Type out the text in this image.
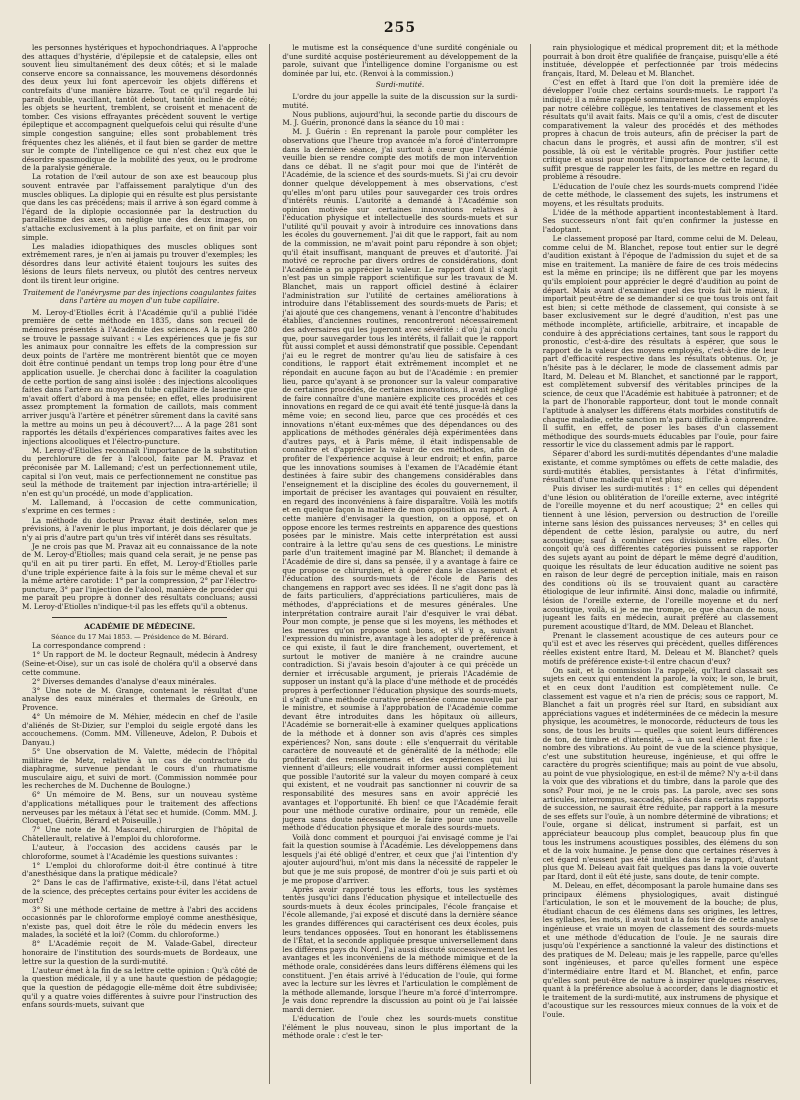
255

les personnes hystériques et hypochondriaques. A l'approche des attaques d'hystérie, d'épilepsie et de catalepsie, elles ont souvent lieu simultanément des deux côtés; et si le malade conserve encore sa connaissance, les mouvemens désordonnés des deux yeux lui font apercevoir les objets différens et contrefaits d'une manière bizarre. Tout ce qu'il regarde lui paraît double, vacillant, tantôt debout, tantôt incliné de côté; les objets se heurtent, tremblent, se croisent et menacent de tomber. Ces visions effrayantes précèdent souvent le vertige épileptique et accompagnent quelquefois celui qui résulte d'une simple congestion sanguine; elles sont probablement très fréquentes chez les aliénés, et il faut bien se garder de mettre sur le compte de l'intelligence ce qui n'est chez eux que le désordre spasmodique de la mobilité des yeux, ou le prodrome de la paralysie générale.

La rotation de l'œil autour de son axe est beaucoup plus souvent entravée par l'affaissement paralytique d'un des muscles obliques. La diplopie qui en résulte est plus persistante que dans les cas précédens; mais il arrive à son égard comme à l'égard de la diplopie occasionnée par la destruction du parallélisme des axes, on néglige une des deux images, on s'attache exclusivement à la plus parfaite, et on finit par voir simple.

Les maladies idiopathiques des muscles obliques sont extrêmement rares, je n'en ai jamais pu trouver d'exemples; les désordres dans leur activité étaient toujours les suites des lésions de leurs filets nerveux, ou plutôt des centres nerveux dont ils tirent leur origine.

Traitement de l'anévrysme par des injections coagulantes faites dans l'artère au moyen d'un tube capillaire.

M. Leroy-d'Etiolles écrit à l'Académie qu'il a publié l'idée première de cette méthode en 1835, dans son recueil de mémoires présentés à l'Académie des sciences. A la page 280 se trouve le passage suivant : « Les expériences que je fis sur les animaux pour connaître les effets de la compression sur deux points de l'artère me montrèrent bientôt que ce moyen doit être continué pendant un temps trop long pour être d'une application usuelle. Je cherchai donc à faciliter la coagulation de cette portion de sang ainsi isolée : des injections alcooliques faites dans l'artère au moyen du tube capillaire de laserine que m'avait offert d'abord à ma pensée; en effet, elles produisirent assez promptement la formation de caillots, mais comment arriver jusqu'à l'artère et pénétrer sûrement dans la cavité sans la mettre au moins un peu à découvert?.... A la page 281 sont rapportés les détails d'expériences comparatives faites avec les injections alcooliques et l'électro-puncture.

M. Leroy-d'Etiolles reconnaît l'importance de la substitution du perchlorure de fer à l'alcool, faite par M. Pravaz et préconisée par M. Lallemand; c'est un perfectionnement utile, capital si l'on veut, mais ce perfectionnement ne constitue pas seul la méthode de traitement par injection intra-artérielle; il n'en est qu'un procédé, un mode d'application.

M. Lallemand, à l'occasion de cette communication, s'exprime en ces termes :

La méthode du docteur Pravaz était destinée, selon mes prévisions, à l'avenir le plus important, je dois déclarer que je n'y ai pris d'autre part qu'un très vif intérêt dans ses résultats.

Je ne crois pas que M. Pravaz ait eu connaissance de la note de M. Leroy-d'Etiolles; mais quand cela serait, je ne pense pas qu'il en ait pu tirer parti. En effet, M. Leroy-d'Etiolles parle d'une triple expérience faite à la fois sur le même cheval et sur la même artère carotide: 1° par la compression, 2° par l'électro-puncture, 3° par l'injection de l'alcool, manière de procéder qui me paraît peu propre à donner des résultats concluans; aussi M. Leroy-d'Etiolles n'indique-t-il pas les effets qu'il a obtenus.

ACADÉMIE DE MÉDECINE.

Séance du 17 Mai 1853. — Présidence de M. Bérard.

La correspondance comprend :

1° Un rapport de M. le docteur Regnault, médecin à Andresy (Seine-et-Oise), sur un cas isolé de choléra qu'il a observé dans cette commune.

2° Diverses demandes d'analyse d'eaux minérales.

3° Une note de M. Grange, contenant le résultat d'une analyse des eaux minérales et thermales de Gréoulx, en Provence.

4° Un mémoire de M. Méhier, médecin en chef de l'asile d'aliénés de St-Dizier, sur l'emploi du seigle ergoté dans les accouchemens. (Comm. MM. Villeneuve, Adelon, P. Dubois et Danyau.)

5° Une observation de M. Valette, médecin de l'hôpital militaire de Metz, relative à un cas de contracture du diaphragme, survenue pendant le cours d'un rhumatisme musculaire aigu, et suivi de mort. (Commission nommée pour les recherches de M. Duchenne de Boulogne.)

6° Un mémoire de M. Bens, sur un nouveau système d'applications métalliques pour le traitement des affections nerveuses par les métaux à l'état sec et humide. (Comm. MM. J. Cloquet, Guérin, Bérard et Poiseuille.)

7° Une note de M. Mascarel, chirurgien de l'hôpital de Châtellerault, relative à l'emploi du chloroforme.

L'auteur, à l'occasion des accidens causés par le chloroforme, soumet à l'Académie les questions suivantes :

1° L'emploi du chloroforme doit-il être continué à titre d'anesthésique dans la pratique médicale?

2° Dans le cas de l'affirmative, existe-t-il, dans l'état actuel de la science, des préceptes certains pour éviter les accidens de mort?

3° Si une méthode certaine de mettre à l'abri des accidens occasionnés par le chloroforme employé comme anesthésique, n'existe pas, quel doit être le rôle du médecin envers les malades, la société et la loi? (Comm. du chloroforme.)

8° L'Académie reçoit de M. Valade-Gabel, directeur honoraire de l'institution des sourds-muets de Bordeaux, une lettre sur la question de la surdi-mutité.

L'auteur émet à la fin de sa lettre cette opinion : Qu'à côté de la question médicale, il y a une haute question de pédagogie; que la question de pédagogie elle-même doit être subdivisée; qu'il y a quatre voies différentes à suivre pour l'instruction des enfans sourds-muets, suivant que

le mutisme est la conséquence d'une surdité congéniale ou d'une surdité acquise postérieurement au développement de la parole, suivant que l'intelligence domine l'organisme ou est dominée par lui, etc. (Renvoi à la commission.)

Surdi-mutité.

L'ordre du jour appelle la suite de la discussion sur la surdi-mutité.

Nous publions, aujourd'hui, la seconde partie du discours de M. J. Guérin, prononcé dans la séance du 10 mai :

M. J. Guérin : En reprenant la parole pour compléter les observations que l'heure trop avancée m'a forcé d'interrompre dans la dernière séance, j'ai surtout à cœur que l'Académie veuille bien se rendre compte des motifs de mon intervention dans ce débat. Il ne s'agit pour moi que de l'intérêt de l'Académie, de la science et des sourds-muets. Si j'ai cru devoir donner quelque développement à mes observations, c'est qu'elles m'ont paru utiles pour sauvegarder ces trois ordres d'intérêts réunis. L'autorité a demandé à l'Académie son opinion motivée sur certaines innovations relatives à l'éducation physique et intellectuelle des sourds-muets et sur l'utilité qu'il pouvait y avoir à introduire ces innovations dans les écoles du gouvernement. J'ai dit que le rapport, fait au nom de la commission, ne m'avait point paru répondre à son objet; qu'il était insuffisant, manquant de preuves et d'autorité. J'ai motivé ce reproche par divers ordres de considérations, dont l'Académie a pu apprécier la valeur. Le rapport dont il s'agit n'est pas un simple rapport scientifique sur les travaux de M. Blanchet, mais un rapport officiel destiné à éclairer l'administration sur l'utilité de certaines améliorations à introduire dans l'établissement des sourds-muets de Paris; et j'ai ajouté que ces changemens, venant à l'encontre d'habitudes établies, d'anciennes routines, rencontreront nécessairement des adversaires qui les jugeront avec sévérité : d'où j'ai conclu que, pour sauvegarder tous les intérêts, il fallait que le rapport fût aussi complet et aussi démonstratif que possible. Cependant j'ai eu le regret de montrer qu'au lieu de satisfaire à ces conditions, le rapport était extrêmement incomplet et ne répondait en aucune façon au but de l'Académie : en premier lieu, parce qu'ayant à se prononcer sur la valeur comparative de certaines procédés, de certaines innovations, il avait négligé de faire connaître d'une manière explicite ces procédés et ces innovations en regard de ce qui avait été tenté jusque-là dans la même voie; en second lieu, parce que ces procédés et ces innovations n'étant eux-mêmes que des dépendances ou des applications de méthodes générales déjà expérimentées dans d'autres pays, et à Paris même, il était indispensable de connaître et d'apprécier la valeur de ces méthodes, afin de profiter de l'expérience acquise à leur endroit; et enfin, parce que les innovations soumises à l'examen de l'Académie étant destinées à faire subir des changemens considérables dans l'enseignement et la discipline des écoles du gouvernement, il importait de préciser les avantages qui pouvaient en résulter, en regard des inconvéniens à faire disparaître. Voilà les motifs et en quelque façon la matière de mon opposition au rapport. A cette manière d'envisager la question, on a opposé, et on oppose encore les termes restreints en apparence des questions posées par le ministre. Mais cette interprétation est aussi contraire à la lettre qu'au sens de ces questions. Le ministre parle d'un traitement imaginé par M. Blanchet; il demande à l'Académie de dire si, dans sa pensée, il y a avantage à faire ce que propose ce chirurgien, et à opérer dans le classement et l'éducation des sourds-muets de l'école de Paris des changemens en rapport avec ses idées. Il ne s'agit donc pas là de faits particuliers, d'appréciations particulières, mais de méthodes, d'appréciations et de mesures générales. Une interprétation contraire aurait l'air d'esquiver le vrai débat. Pour mon compte, je pense que si les moyens, les méthodes et les mesures qu'on propose sont bons, et s'il y a, suivant l'expression du ministre, avantage à les adopter de préférence à ce qui existe, il faut le dire franchement, ouvertement, et surtout le motiver de manière à ne craindre aucune contradiction. Si j'avais besoin d'ajouter à ce qui précède un dernier et irrécusable argument, je prierais l'Académie de supposer un instant qu'à la place d'une méthode et de procédés propres à perfectionner l'éducation physique des sourds-muets, il s'agît d'une méthode curative présentée comme nouvelle par le ministre, et soumise à l'approbation de l'Académie comme devant être introduites dans les hôpitaux où ailleurs, l'Académie se bornerait-elle à examiner quelques applications de la méthode et à donner son avis d'après ces simples expériences? Non, sans doute : elle s'enquerrait du véritable caractère de nouveauté et de généralité de la méthode; elle profiterait des renseignemens et des expériences qui lui viennent d'ailleurs; elle voudrait informer aussi complètement que possible l'autorité sur la valeur du moyen comparé à ceux qui existent, et ne voudrait pas sanctionner ni couvrir de sa responsabilité des mesures sans en avoir apprécié les avantages et l'opportunité. Eh bien! ce que l'Académie ferait pour une méthode curative ordinaire, pour un remède, elle jugera sans doute nécessaire de le faire pour une nouvelle méthode d'éducation physique et morale des sourds-muets.

Voilà donc comment et pourquoi j'ai envisagé comme je l'ai fait la question soumise à l'Académie. Les développemens dans lesquels j'ai été obligé d'entrer, et ceux que j'ai l'intention d'y ajouter aujourd'hui, m'ont mis dans la nécessité de rappeler le but que je me suis proposé, de montrer d'où je suis parti et où je me propose d'arriver.

Après avoir rapporté tous les efforts, tous les systèmes tentés jusqu'ici dans l'éducation physique et intellectuelle des sourds-muets à deux écoles principales, l'école française et l'école allemande, j'ai exposé et discuté dans la dernière séance les grandes différences qui caractérisent ces deux écoles, puis leurs tendances opposées. Tout en honorant les établissemens de l'État, et la seconde appliquée presque universellement dans les différens pays du Nord. J'ai aussi discuté successivement les avantages et les inconvéniens de la méthode mimique et de la méthode orale, considérées dans leurs différens élémens qui les constituent. J'en étais arrivé à l'éducation de l'ouïe, qui forme avec la lecture sur les lèvres et l'articulation le complément de la méthode allemande, lorsque l'heure m'a forcé d'interrompre. Je vais donc reprendre la discussion au point où je l'ai laissée mardi dernier.

L'éducation de l'ouïe chez les sourds-muets constitue l'élément le plus nouveau, sinon le plus important de la méthode orale : c'est le ter-

rain physiologique et médical proprement dit; et la méthode pourrait à bon droit être qualifiée de française, puisqu'elle a été instituée, développée et perfectionnée par trois médecins français, Itard, M. Deleau et M. Blanchet.

C'est en effet à Itard que l'on doit la première idée de développer l'ouïe chez certains sourds-muets. Le rapport l'a indiqué; il a même rappelé sommairement les moyens employés par notre célèbre collègue, les tentatives de classement et les résultats qu'il avait faits. Mais ce qu'il a omis, c'est de discuter comparativement la valeur des procédés et des méthodes propres à chacun de trois auteurs, afin de préciser la part de chacun dans le progrès, et aussi afin de montrer, s'il est possible, là où est le véritable progrès. Pour justifier cette critique et aussi pour montrer l'importance de cette lacune, il suffit presque de rappeler les faits, de les mettre en regard du problème à résoudre.

L'éducation de l'ouïe chez les sourds-muets comprend l'idée de cette méthode, le classement des sujets, les instrumens et moyens, et les résultats produits.

L'idée de la méthode appartient incontestablement à Itard. Ses successeurs n'ont fait qu'en confirmer la justesse en l'adoptant.

Le classement proposé par Itard, comme celui de M. Deleau, comme celui de M. Blanchet, repose tout entier sur le degré d'audition existant à l'époque de l'admission du sujet et de sa mise en traitement. La manière de faire de ces trois médecins est la même en principe; ils ne diffèrent que par les moyens qu'ils emploient pour apprécier le degré d'audition au point de départ. Mais avant d'examiner quel des trois fait le mieux, il importait peut-être de se demander si ce que tous trois ont fait est bien; si cette méthode de classement, qui consiste à se baser exclusivement sur le degré d'audition, n'est pas une méthode incomplète, artificielle, arbitraire, et incapable de conduire à des appréciations certaines, tant sous le rapport du pronostic, c'est-à-dire des résultats à espérer, que sous le rapport de la valeur des moyens employés, c'est-à-dire de leur part d'efficacité respective dans les résultats obtenus. Or, je n'hésite pas à le déclarer, le mode de classement admis par Itard, M. Deleau et M. Blanchet, et sanctionné par le rapport, est complètement subversif des véritables principes de la science, de ceux que l'Académie est habituée à patronner; et de la part de l'honorable rapporteur, dont tout le monde connaît l'aptitude à analyser les différens états morbides constitutifs de chaque maladie, cette sanction m'a paru difficile à comprendre. Il suffit, en effet, de poser les bases d'un classement méthodique des sourds-muets éducables par l'ouïe, pour faire ressortir le vice du classement admis par le rapport.

Séparer d'abord les surdi-mutités dépendantes d'une maladie existante, et comme symptômes ou effets de cette maladie, des surdi-mutités établies, persistantes à l'état d'infirmités, résultant d'une maladie qui n'est plus;

Puis diviser les surdi-mutités : 1° en celles qui dépendent d'une lésion ou oblitération de l'oreille externe, avec intégrité de l'oreille moyenne et du nerf acoustique; 2° en celles qui tiennent à une lésion, perversion ou destruction de l'oreille interne sans lésion des puissances nerveuses; 3° en celles qui dépendent de cette lésion, paralysie ou autre, du nerf acoustique; sauf à combiner ces divisions entre elles. On conçoit qu'à ces différentes catégories puissent se rapporter des sujets ayant au point de départ le même degré d'audition, quoique les résultats de leur éducation auditive ne soient pas en raison de leur degré de perception initiale, mais en raison des conditions où ils se trouvaient quant au caractère étiologique de leur infirmité. Ainsi donc, maladie ou infirmité, lésion de l'oreille externe, de l'oreille moyenne et du nerf acoustique, voilà, si je ne me trompe, ce que chacun de nous, jugeant les faits en médecin, aurait préféré au classement purement acoustique d'Itard, de MM. Deleau et Blanchet.

Prenant le classement acoustique de ces auteurs pour ce qu'il est et avec les réserves qui précèdent, quelles différences réelles existent entre Itard, M. Deleau et M. Blanchet? quels motifs de préférence existe-t-il entre chacun d'eux?

On sait, et la commission l'a rappelé, qu'Itard classait ses sujets en ceux qui entendent la parole, la voix; le son, le bruit, et en ceux dont l'audition est complètement nulle. Ce classement est vague et n'a rien de précis; sous ce rapport, M. Blanchet a fait un progrès réel sur Itard, en subsidiant aux appréciations vagues et indéterminées de ce médecin la mesure physique, les acoumètres, le monocorde, réducteurs de tous les sons, de tous les bruits — quelles que soient leurs différences de ton, de timbre et d'intensité, — à un seul élément fixe : le nombre des vibrations. Au point de vue de la science physique, c'est une substitution heureuse, ingénieuse, et qui offre le caractère du progrès scientifique; mais au point de vue absolu, au point de vue physiologique, en est-il de même? N'y a-t-il dans la voix que des vibrations et du timbre, dans la parole que des sons? Pour moi, je ne le crois pas. La parole, avec ses sons articulés, interrompus, saccadés, placés dans certains rapports de succession, ne saurait être réduite, par rapport à la mesure de ses effets sur l'ouïe, à un nombre déterminé de vibrations; et l'ouïe, organe si délicat, instrument si parfait, est un appréciateur beaucoup plus complet, beaucoup plus fin que tous les instrumens acoustiques possibles, des élémens du son et de la voix humaine. Je pense donc que certaines réserves à cet égard n'eussent pas été inutiles dans le rapport, d'autant plus que M. Deleau avait fait quelques pas dans la voie ouverte par Itard, dont il eût été juste, sans doute, de tenir compte.

M. Deleau, en effet, décomposant la parole humaine dans ses principaux élémens physiologiques, avait distingué l'articulation, le son et le mouvement de la bouche; de plus, étudiant chacun de ces élémens dans ses origines, les lettres, les syllabes, les mots, il avait tout à la fois tiré de cette analyse ingénieuse et vraie un moyen de classement des sourds-muets et une méthode d'éducation de l'ouïe. Je ne saurais dire jusqu'où l'expérience a sanctionné la valeur des distinctions et des pratiques de M. Deleau; mais je les rappelle, parce qu'elles sont ingénieuses, et parce qu'elles forment une espèce d'intermédiaire entre Itard et M. Blanchet, et enfin, parce qu'elles sont peut-être de nature à inspirer quelques réserves, quant à la préférence absolue à accorder, dans le diagnostic et le traitement de la surdi-mutité, aux instrumens de physique et d'acoustique sur les ressources mieux connues de la voix et de l'ouïe.
